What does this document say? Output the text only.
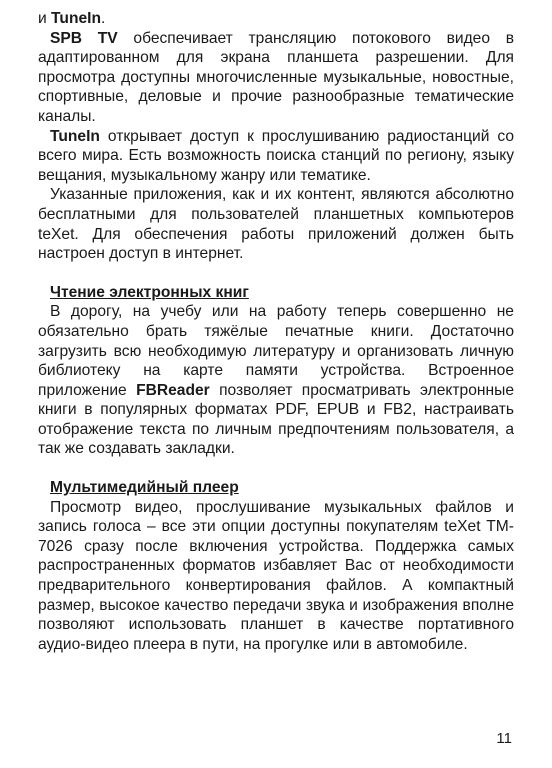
и TuneIn.

SPB TV обеспечивает трансляцию потокового видео в адаптированном для экрана планшета разрешении. Для просмотра доступны многочисленные музыкальные, новостные, спортивные, деловые и прочие разнообразные тематические каналы.

TuneIn открывает доступ к прослушиванию радиостанций со всего мира. Есть возможность поиска станций по региону, языку вещания, музыкальному жанру или тематике.

Указанные приложения, как и их контент, являются абсолютно бесплатными для пользователей планшетных компьютеров teXet. Для обеспечения работы приложений должен быть настроен доступ в интернет.

Чтение электронных книг

В дорогу, на учебу или на работу теперь совершенно не обязательно брать тяжёлые печатные книги. Достаточно загрузить всю необходимую литературу и организовать личную библиотеку на карте памяти устройства. Встроенное приложение FBReader позволяет просматривать электронные книги в популярных форматах PDF, EPUB и FB2, настраивать отображение текста по личным предпочтениям пользователя, а так же создавать закладки.

Мультимедийный плеер

Просмотр видео, прослушивание музыкальных файлов и запись голоса – все эти опции доступны покупателям teXet TM-7026 сразу после включения устройства. Поддержка самых распространенных форматов избавляет Вас от необходимости предварительного конвертирования файлов. А компактный размер, высокое качество передачи звука и изображения вполне позволяют использовать планшет в качестве портативного аудио-видео плеера в пути, на прогулке или в автомобиле.

11
